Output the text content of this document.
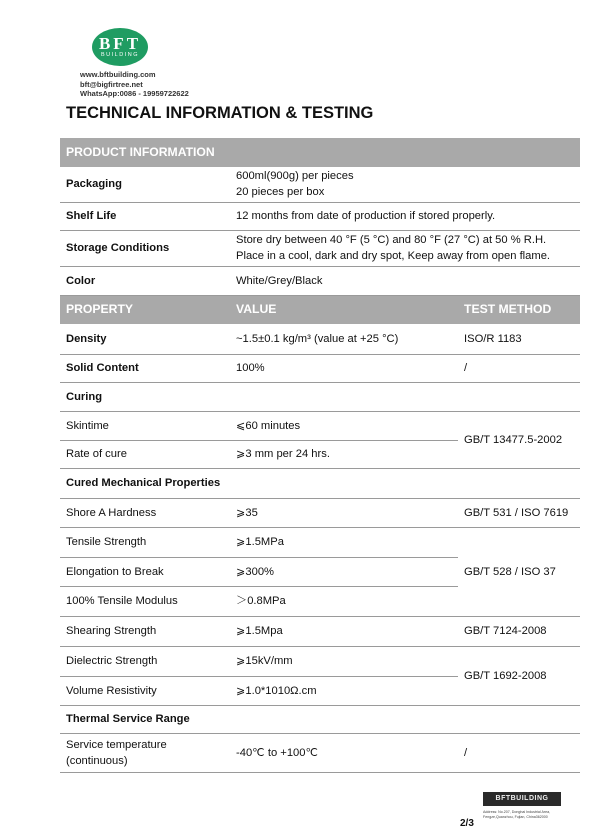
BFT
BUILDING
www.bftbuilding.com
bft@bigfirtree.net
WhatsApp:0086 - 19959722622
TECHNICAL INFORMATION & TESTING
PRODUCT INFORMATION		
Packaging	600ml(900g) per pieces
20 pieces per box	

Shelf Life	12 months from date of production if stored properly.	
Storage Conditions	Store dry between 40 °F (5 °C) and 80 °F (27 °C) at 50 % R.H.
Place in a cool, dark and dry spot, Keep away from open flame.	

Color	White/Grey/Black	
PROPERTY	VALUE	TEST METHOD
Density	~1.5±0.1 kg/m³ (value at +25 °C)	ISO/R 1183
Solid Content	100%	/
Curing		
Skintime	⩽60 minutes	GB/T 13477.5-2002
Rate of cure	⩾3 mm per 24 hrs.	
Cured Mechanical Properties		
Shore A Hardness	⩾35	GB/T 531 / ISO 7619
Tensile Strength	⩾1.5MPa	GB/T 528 / ISO 37
Elongation to Break	⩾300%	
100% Tensile Modulus	＞0.8MPa	
Shearing Strength	⩾1.5Mpa	GB/T 7124-2008
Dielectric Strength	⩾15kV/mm	GB/T 1692-2008
Volume Resistivity	⩾1.0*1010Ω.cm	
Thermal Service Range		

Service temperature
(continuous)	-40℃ to +100℃	/
BFTBUILDING
Address: No.207, Donghai Industrial Area,
Fengze,Quanzhou, Fujian, China362000
2/3
